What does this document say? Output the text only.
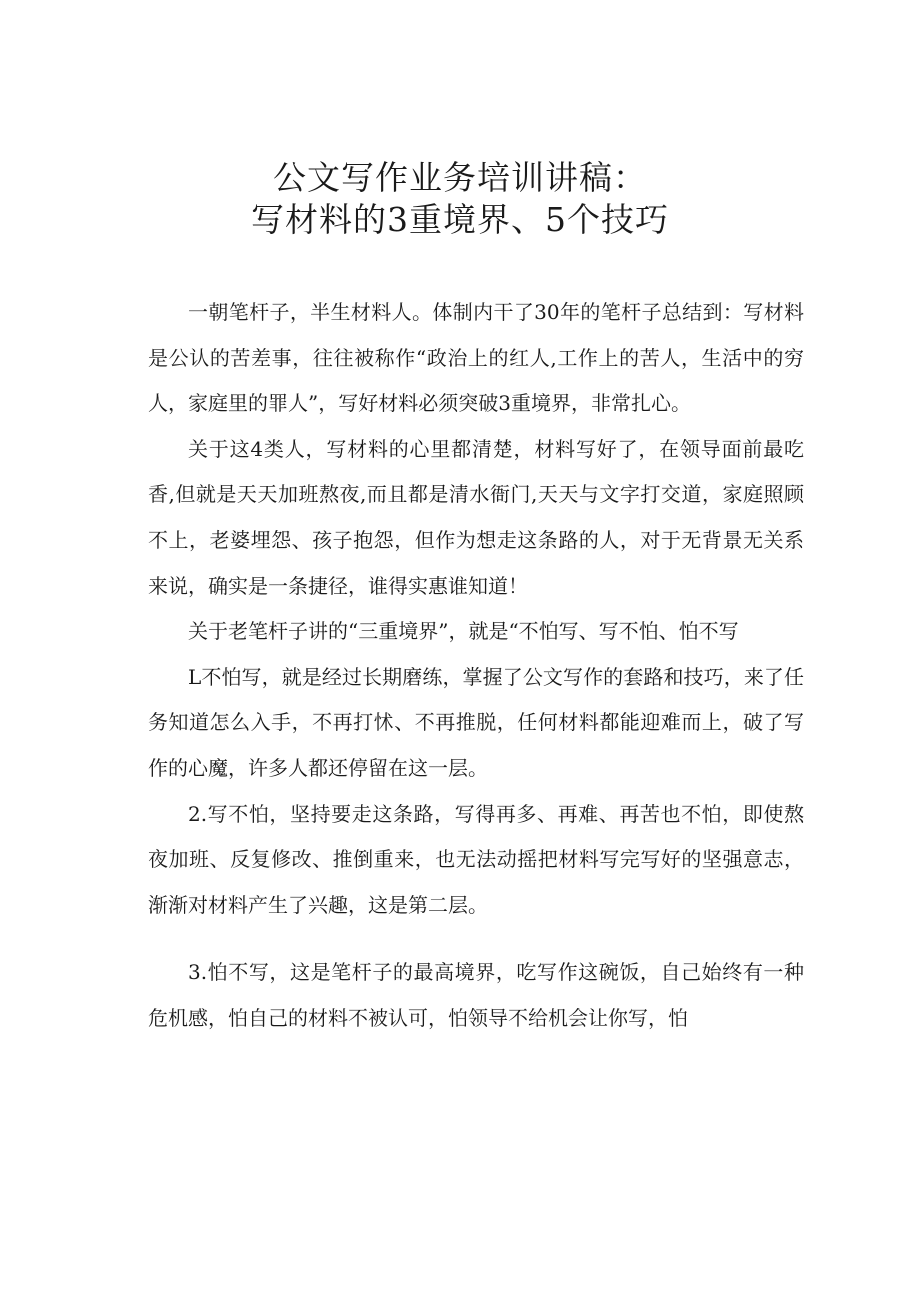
公文写作业务培训讲稿：
写材料的3重境界、5个技巧

一朝笔杆子，半生材料人。体制内干了30年的笔杆子总结到：写材料是公认的苦差事，往往被称作“政治上的红人,工作上的苦人，生活中的穷人，家庭里的罪人”，写好材料必须突破3重境界，非常扎心。

关于这4类人，写材料的心里都清楚，材料写好了，在领导面前最吃香,但就是天天加班熬夜,而且都是清水衙门,天天与文字打交道，家庭照顾不上，老婆埋怨、孩子抱怨，但作为想走这条路的人，对于无背景无关系来说，确实是一条捷径，谁得实惠谁知道！

关于老笔杆子讲的“三重境界”，就是“不怕写、写不怕、怕不写

L不怕写，就是经过长期磨练，掌握了公文写作的套路和技巧，来了任务知道怎么入手，不再打怵、不再推脱，任何材料都能迎难而上，破了写作的心魔，许多人都还停留在这一层。

2.写不怕，坚持要走这条路，写得再多、再难、再苦也不怕，即使熬夜加班、反复修改、推倒重来，也无法动摇把材料写完写好的坚强意志，渐渐对材料产生了兴趣，这是第二层。

3.怕不写，这是笔杆子的最高境界，吃写作这碗饭，自己始终有一种危机感，怕自己的材料不被认可，怕领导不给机会让你写，怕
